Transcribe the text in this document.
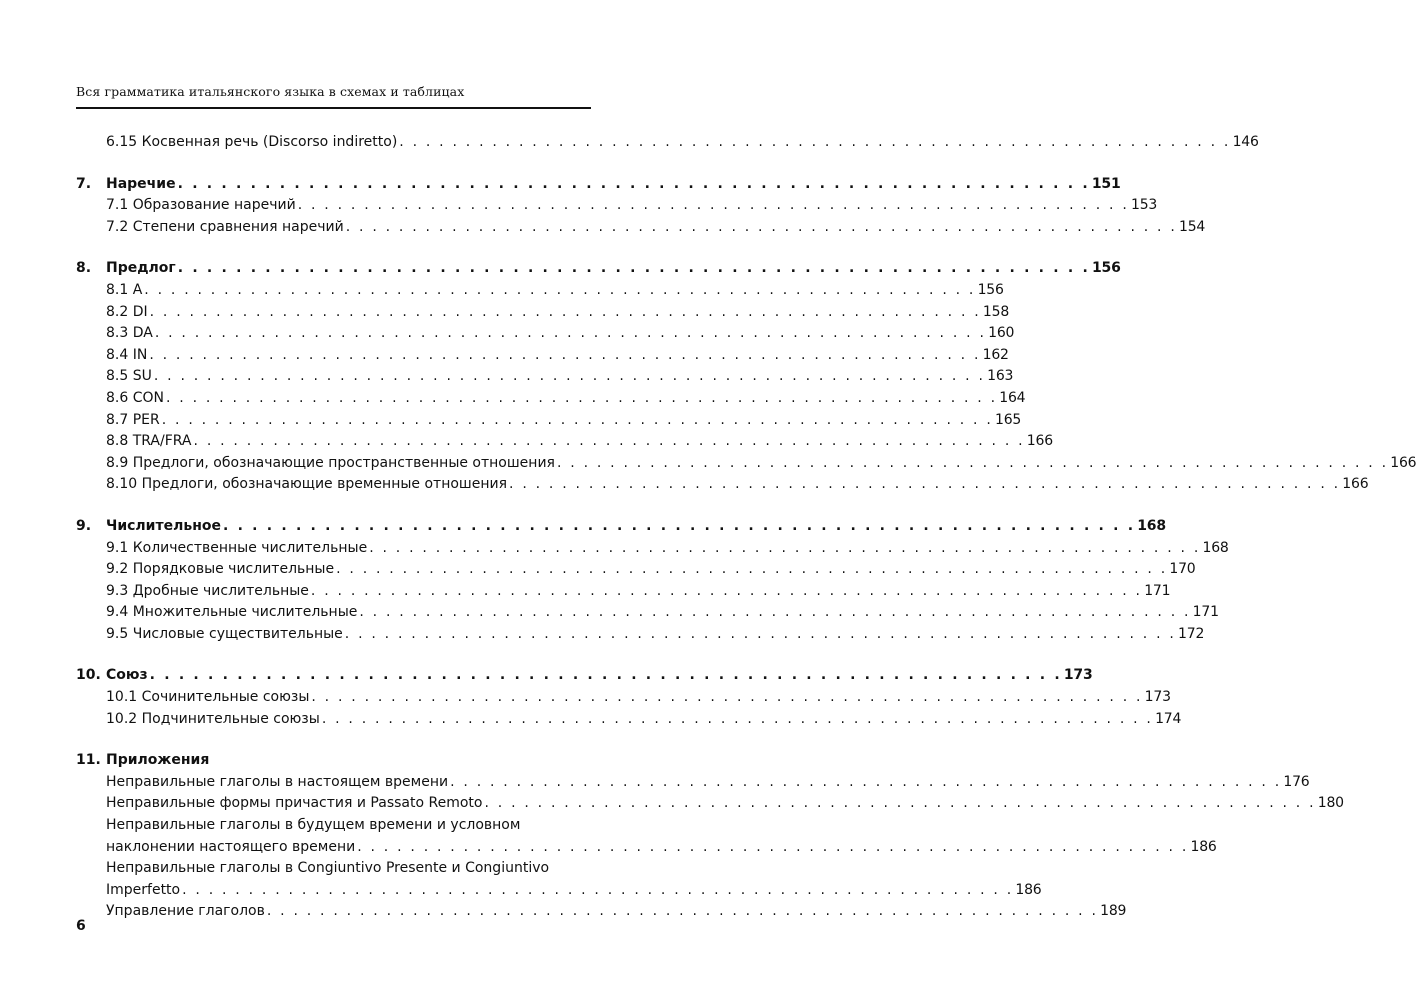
Вся грамматика итальянского языка в схемах и таблицах
6.15 Косвенная речь (Discorso indiretto) . . . . . . . . . . . . . . . . . . . . . . . . . . . . . . . . . . . . . . . . . . . . . . . . . . . . . . . . . . . . . . . 146
7. Наречие . . . . . . . . . . . . . . . . . . . . . . . . . . . . . . . . . . . . . . . . . . . . . . . . . . . . . . . . . . . . . . . 151
7.1 Образование наречий . . . . . . . . . . . . . . . . . . . . . . . . . . . . . . . . . . . . . . . . . . . . . . . . . . . . . . . . . . . . . . . 153
7.2 Степени сравнения наречий . . . . . . . . . . . . . . . . . . . . . . . . . . . . . . . . . . . . . . . . . . . . . . . . . . . . . . . . . . . . . . . 154
8. Предлог . . . . . . . . . . . . . . . . . . . . . . . . . . . . . . . . . . . . . . . . . . . . . . . . . . . . . . . . . . . . . . . 156
8.1 A . . . . . . . . . . . . . . . . . . . . . . . . . . . . . . . . . . . . . . . . . . . . . . . . . . . . . . . . . . . . . . . 156
8.2 DI . . . . . . . . . . . . . . . . . . . . . . . . . . . . . . . . . . . . . . . . . . . . . . . . . . . . . . . . . . . . . . . 158
8.3 DA . . . . . . . . . . . . . . . . . . . . . . . . . . . . . . . . . . . . . . . . . . . . . . . . . . . . . . . . . . . . . . . 160
8.4 IN . . . . . . . . . . . . . . . . . . . . . . . . . . . . . . . . . . . . . . . . . . . . . . . . . . . . . . . . . . . . . . . 162
8.5 SU . . . . . . . . . . . . . . . . . . . . . . . . . . . . . . . . . . . . . . . . . . . . . . . . . . . . . . . . . . . . . . . 163
8.6 CON . . . . . . . . . . . . . . . . . . . . . . . . . . . . . . . . . . . . . . . . . . . . . . . . . . . . . . . . . . . . . . . 164
8.7 PER . . . . . . . . . . . . . . . . . . . . . . . . . . . . . . . . . . . . . . . . . . . . . . . . . . . . . . . . . . . . . . . 165
8.8 TRA/FRA . . . . . . . . . . . . . . . . . . . . . . . . . . . . . . . . . . . . . . . . . . . . . . . . . . . . . . . . . . . . . . . 166
8.9 Предлоги, обозначающие пространственные отношения . . . . . . . . . . . . . . . . . . . . . . . . . . . . . . . . . . . . . . . . . . . . . . . . . . . . . . . . . . . . . . . 166
8.10 Предлоги, обозначающие временные отношения . . . . . . . . . . . . . . . . . . . . . . . . . . . . . . . . . . . . . . . . . . . . . . . . . . . . . . . . . . . . . . . 166
9. Числительное . . . . . . . . . . . . . . . . . . . . . . . . . . . . . . . . . . . . . . . . . . . . . . . . . . . . . . . . . . . . . . . 168
9.1 Количественные числительные . . . . . . . . . . . . . . . . . . . . . . . . . . . . . . . . . . . . . . . . . . . . . . . . . . . . . . . . . . . . . . . 168
9.2 Порядковые числительные . . . . . . . . . . . . . . . . . . . . . . . . . . . . . . . . . . . . . . . . . . . . . . . . . . . . . . . . . . . . . . . 170
9.3 Дробные числительные . . . . . . . . . . . . . . . . . . . . . . . . . . . . . . . . . . . . . . . . . . . . . . . . . . . . . . . . . . . . . . . 171
9.4 Множительные числительные . . . . . . . . . . . . . . . . . . . . . . . . . . . . . . . . . . . . . . . . . . . . . . . . . . . . . . . . . . . . . . . 171
9.5 Числовые существительные . . . . . . . . . . . . . . . . . . . . . . . . . . . . . . . . . . . . . . . . . . . . . . . . . . . . . . . . . . . . . . . 172
10. Союз . . . . . . . . . . . . . . . . . . . . . . . . . . . . . . . . . . . . . . . . . . . . . . . . . . . . . . . . . . . . . . . 173
10.1 Сочинительные союзы . . . . . . . . . . . . . . . . . . . . . . . . . . . . . . . . . . . . . . . . . . . . . . . . . . . . . . . . . . . . . . . 173
10.2 Подчинительные союзы . . . . . . . . . . . . . . . . . . . . . . . . . . . . . . . . . . . . . . . . . . . . . . . . . . . . . . . . . . . . . . . 174
11. Приложения
Неправильные глаголы в настоящем времени . . . . . . . . . . . . . . . . . . . . . . . . . . . . . . . . . . . . . . . . . . . . . . . . . . . . . . . . . . . . . . . 176
Неправильные формы причастия и Passato Remoto . . . . . . . . . . . . . . . . . . . . . . . . . . . . . . . . . . . . . . . . . . . . . . . . . . . . . . . . . . . . . . . 180
Неправильные глаголы в будущем времени и условном
наклонении настоящего времени . . . . . . . . . . . . . . . . . . . . . . . . . . . . . . . . . . . . . . . . . . . . . . . . . . . . . . . . . . . . . . . 186
Неправильные глаголы в Congiuntivo Presente и Congiuntivo
Imperfetto . . . . . . . . . . . . . . . . . . . . . . . . . . . . . . . . . . . . . . . . . . . . . . . . . . . . . . . . . . . . . . . 186
Управление глаголов . . . . . . . . . . . . . . . . . . . . . . . . . . . . . . . . . . . . . . . . . . . . . . . . . . . . . . . . . . . . . . . 189
6
